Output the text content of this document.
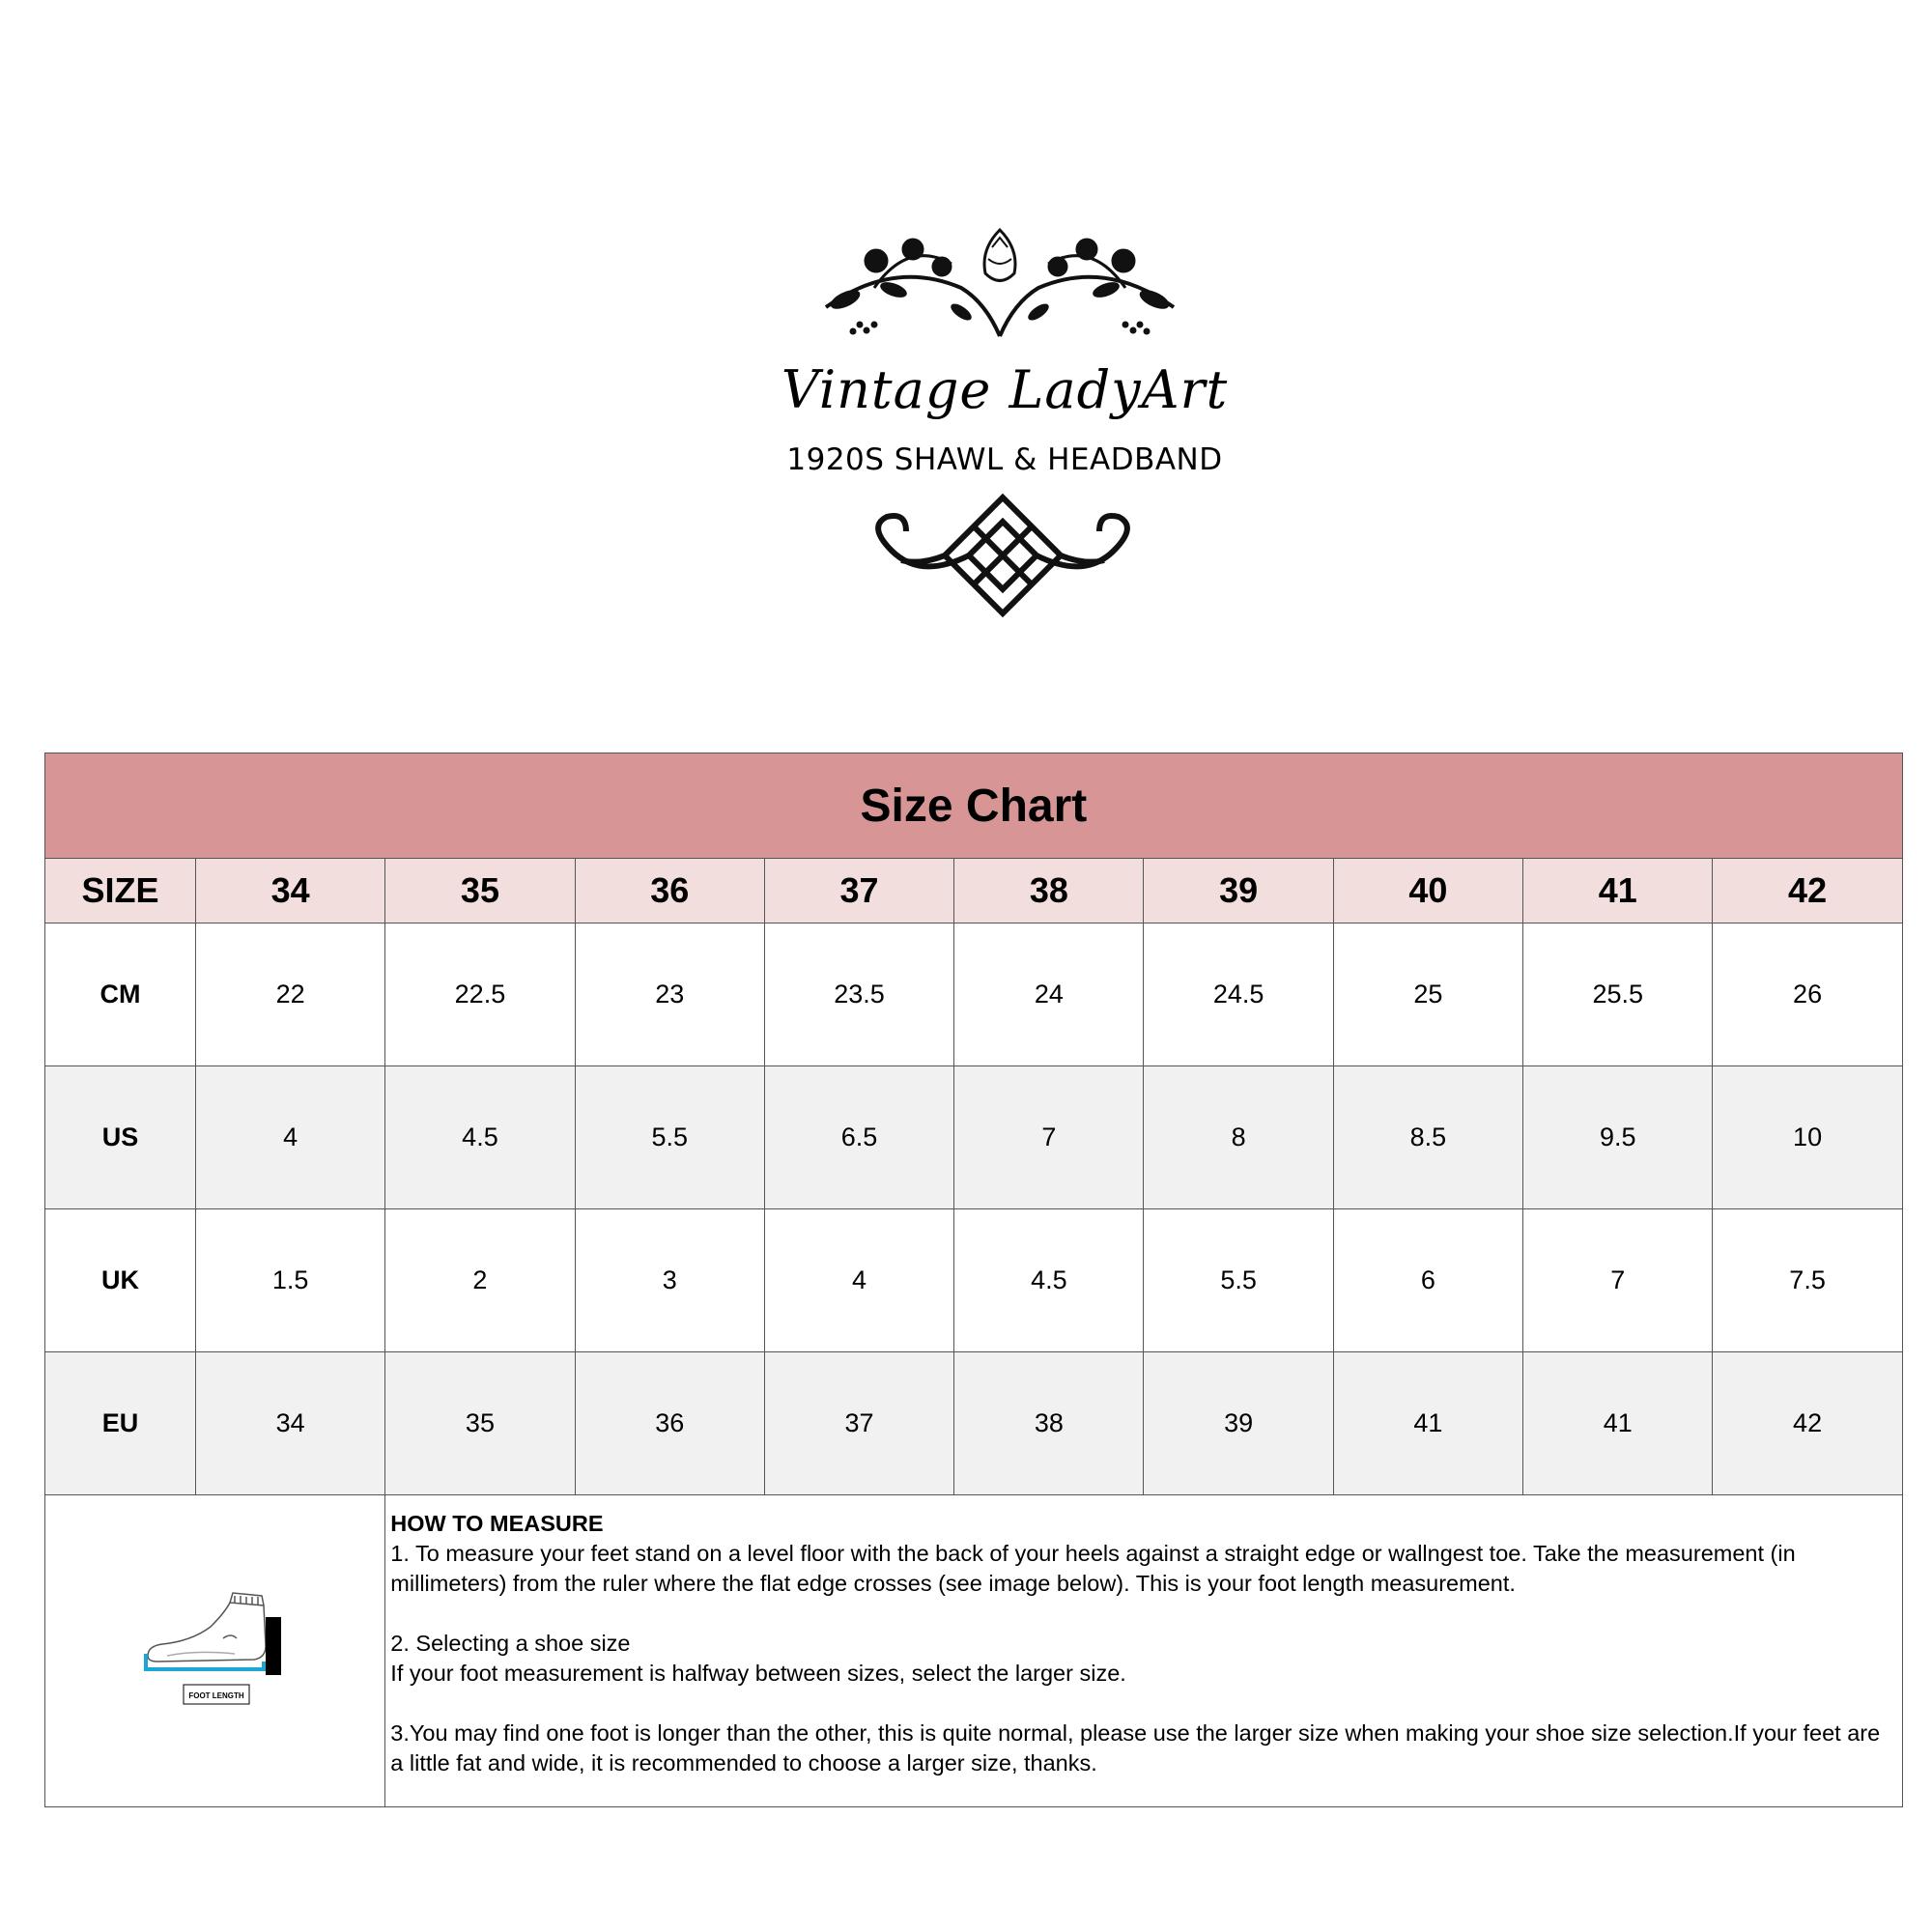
Vintage LadyArt
1920S SHAWL & HEADBAND
Size Chart									
SIZE	34	35	36	37	38	39	40	41	42
CM	22	22.5	23	23.5	24	24.5	25	25.5	26
US	4	4.5	5.5	6.5	7	8	8.5	9.5	10
UK	1.5	2	3	4	4.5	5.5	6	7	7.5
EU	34	35	36	37	38	39	41	41	42

FOOT LENGTH		HOW TO MEASURE

1. To measure your feet stand on a level floor with the back of your heels against a straight edge or wallngest toe. Take the measurement (in millimeters) from the ruler where the flat edge crosses (see image below). This is your foot length measurement.

2. Selecting a shoe size

If your foot measurement is halfway between sizes, select the larger size.

3.You may find one foot is longer than the other, this is quite normal, please use the larger size when making your shoe size selection.If your feet are a little fat and wide, it is recommended to choose a larger size, thanks.							
